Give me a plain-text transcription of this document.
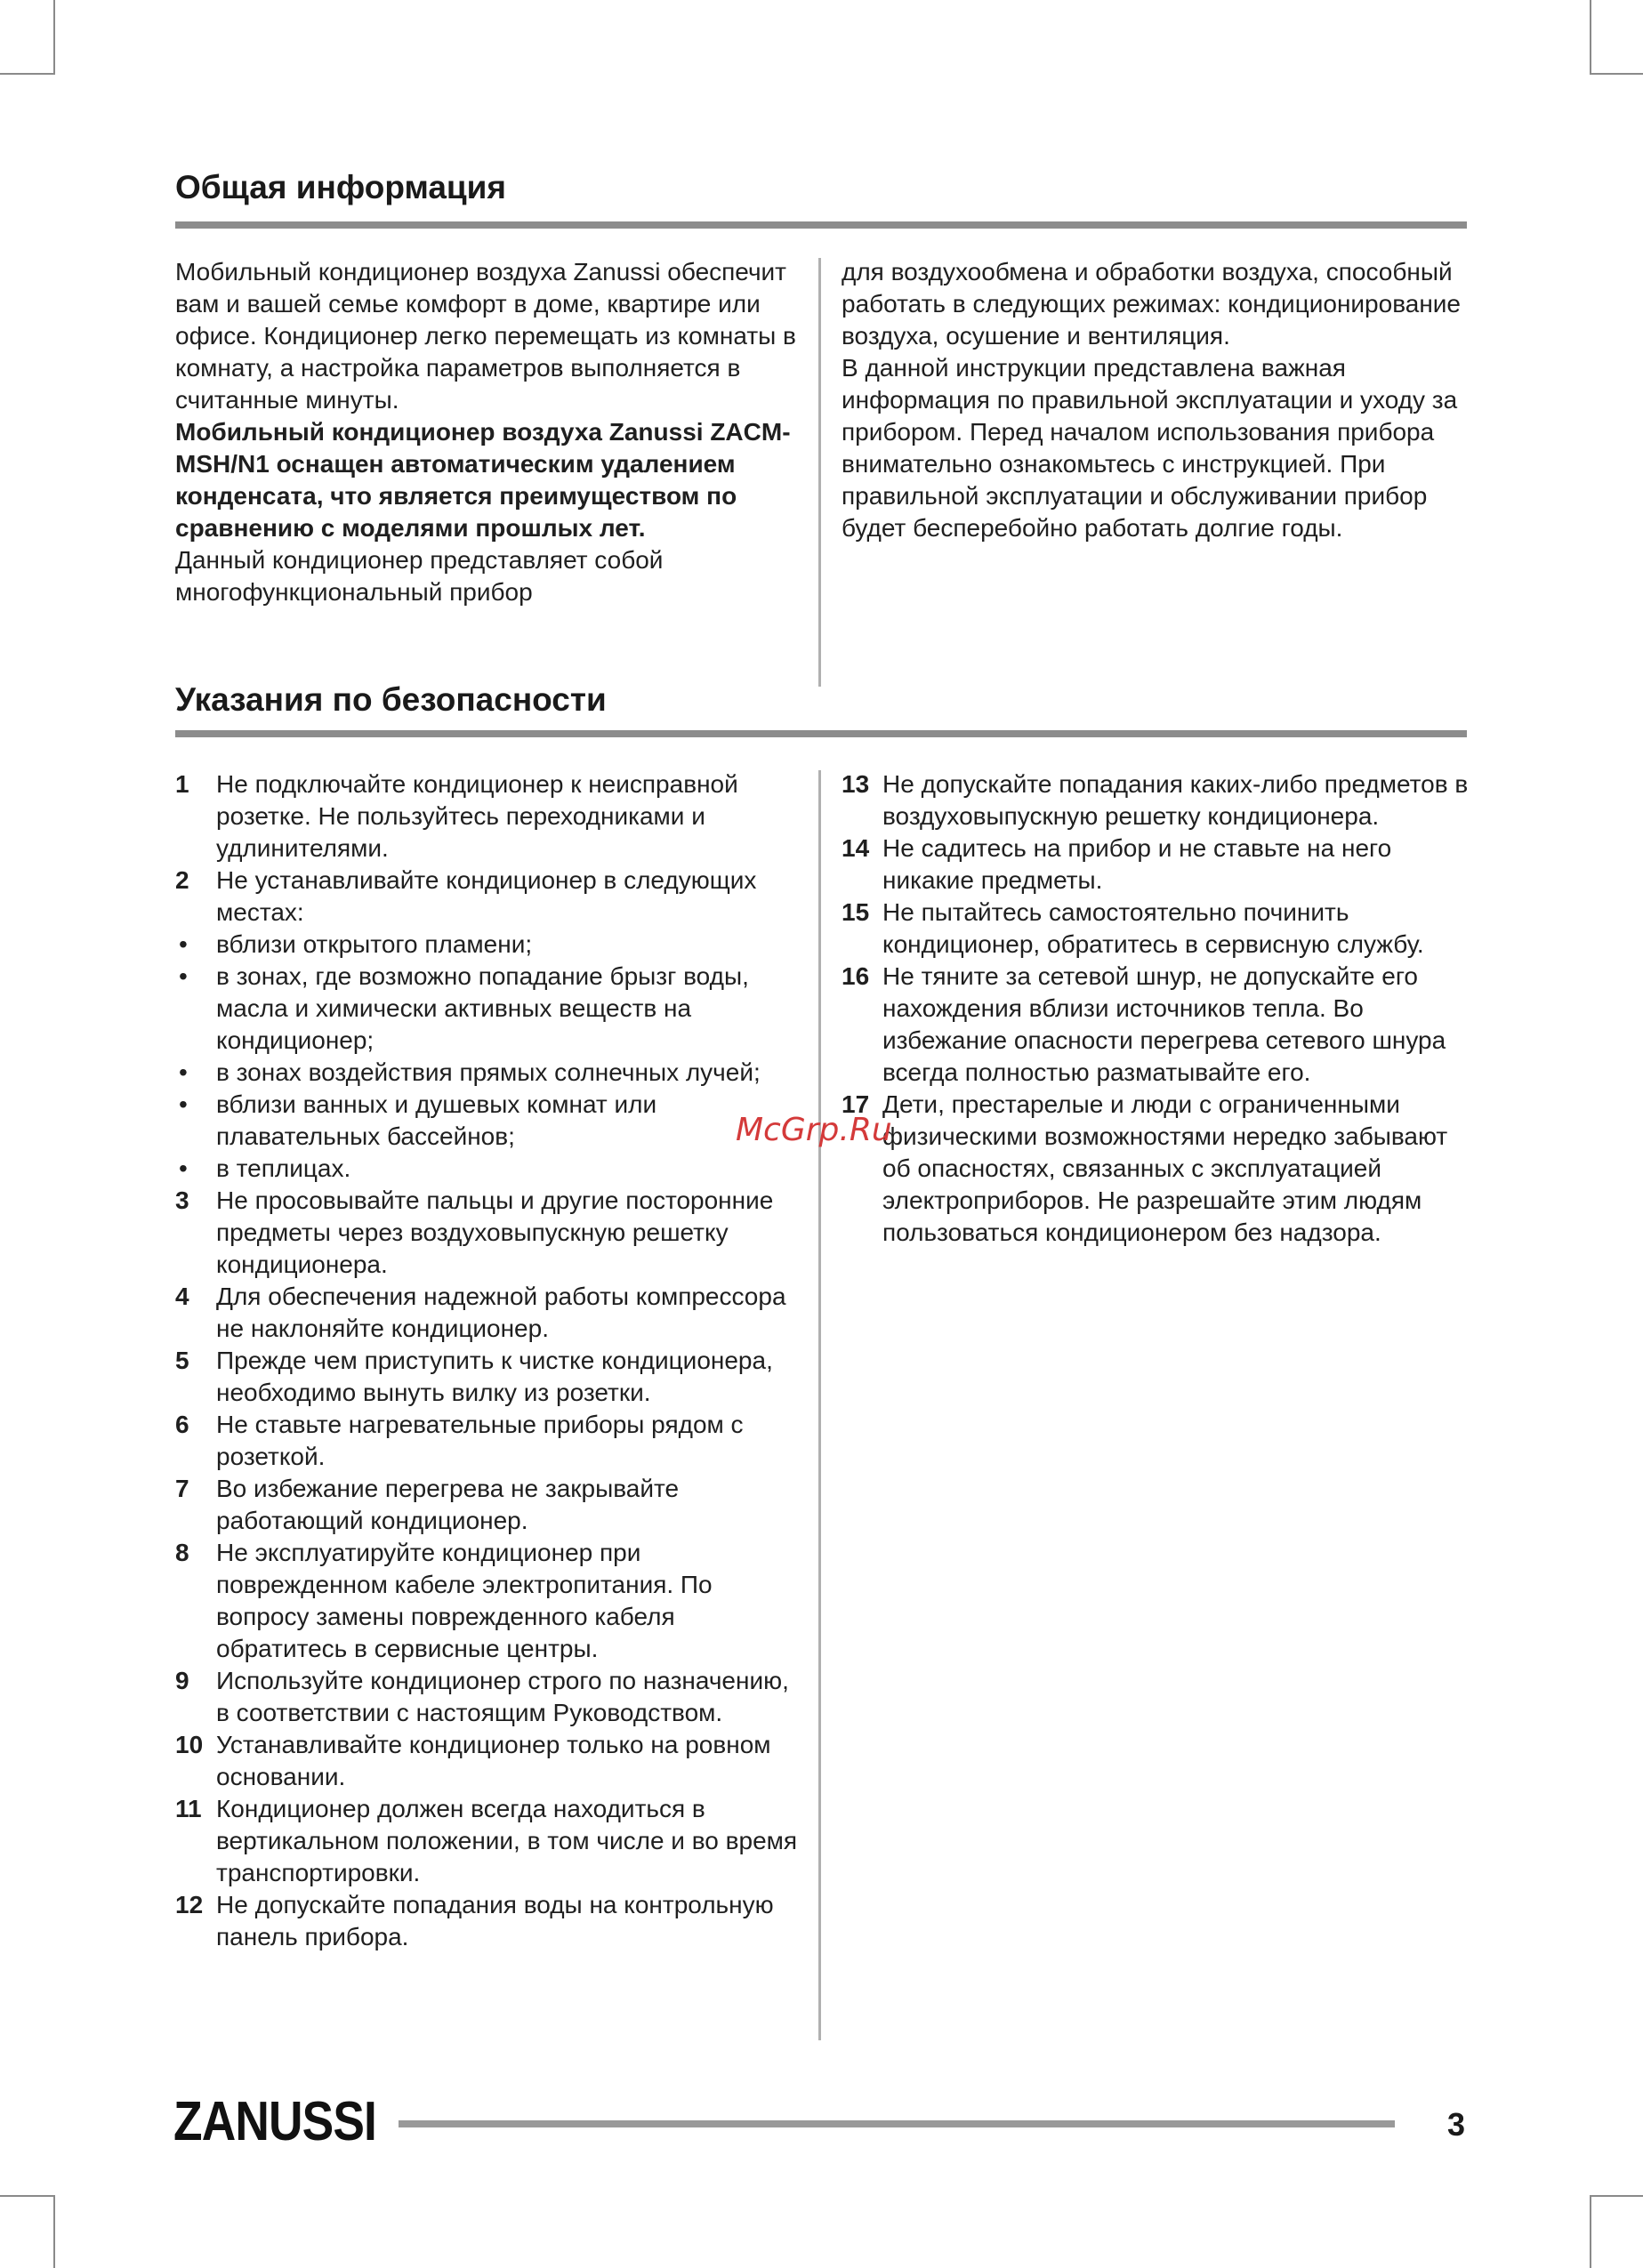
Общая информация

Мобильный кондиционер воздуха Zanussi обеспечит вам и вашей семье комфорт в доме, квартире или офисе. Кондиционер легко перемещать из комнаты в комнату, а настройка параметров выполняется в считанные минуты.

Мобильный кондиционер воздуха Zanussi ZACM-MSH/N1 оснащен автоматическим удалением конденсата, что является преимуществом по сравнению с моделями прошлых лет.

Данный кондиционер представляет собой многофункциональный прибор

для воздухообмена и обработки воздуха, способный работать в следующих режимах: кондиционирование воздуха, осушение и вентиляция.

В данной инструкции представлена важная информация по правильной эксплуатации и уходу за прибором. Перед началом использования прибора внимательно ознакомьтесь с инструкцией. При правильной эксплуатации и обслуживании прибор будет бесперебойно работать долгие годы.

Указания по безопасности
1 Не подключайте кондиционер к неисправной розетке. Не пользуйтесь переходниками и удлинителями.
2 Не устанавливайте кондиционер в следующих местах:
• вблизи открытого пламени;
• в зонах, где возможно попадание брызг воды, масла и химически активных веществ на кондиционер;
• в зонах воздействия прямых солнечных лучей;
• вблизи ванных и душевых комнат или плавательных бассейнов;
• в теплицах.
3 Не просовывайте пальцы и другие посторонние предметы через воздуховыпускную решетку кондиционера.
4 Для обеспечения надежной работы компрессора не наклоняйте кондиционер.
5 Прежде чем приступить к чистке кондиционера, необходимо вынуть вилку из розетки.
6 Не ставьте нагревательные приборы рядом с розеткой.
7 Во избежание перегрева не закрывайте работающий кондиционер.
8 Не эксплуатируйте кондиционер при поврежденном кабеле электропитания. По вопросу замены поврежденного кабеля обратитесь в сервисные центры.
9 Используйте кондиционер строго по назначению, в соответствии с настоящим Руководством.
10 Устанавливайте кондиционер только на ровном основании.
11 Кондиционер должен всегда находиться в вертикальном положении, в том числе и во время транспортировки.
12 Не допускайте попадания воды на контрольную панель прибора.
13 Не допускайте попадания каких-либо предметов в воздуховыпускную решетку кондиционера.
14 Не садитесь на прибор и не ставьте на него никакие предметы.
15 Не пытайтесь самостоятельно починить кондиционер, обратитесь в сервисную службу.
16 Не тяните за сетевой шнур, не допускайте его нахождения вблизи источников тепла. Во избежание опасности перегрева сетевого шнура всегда полностью разматывайте его.
17 Дети, престарелые и люди с ограниченными физическими возможностями нередко забывают об опасностях, связанных с эксплуатацией электроприборов. Не разрешайте этим людям пользоваться кондиционером без надзора.
McGrp.Ru
ZANUSSI	3
